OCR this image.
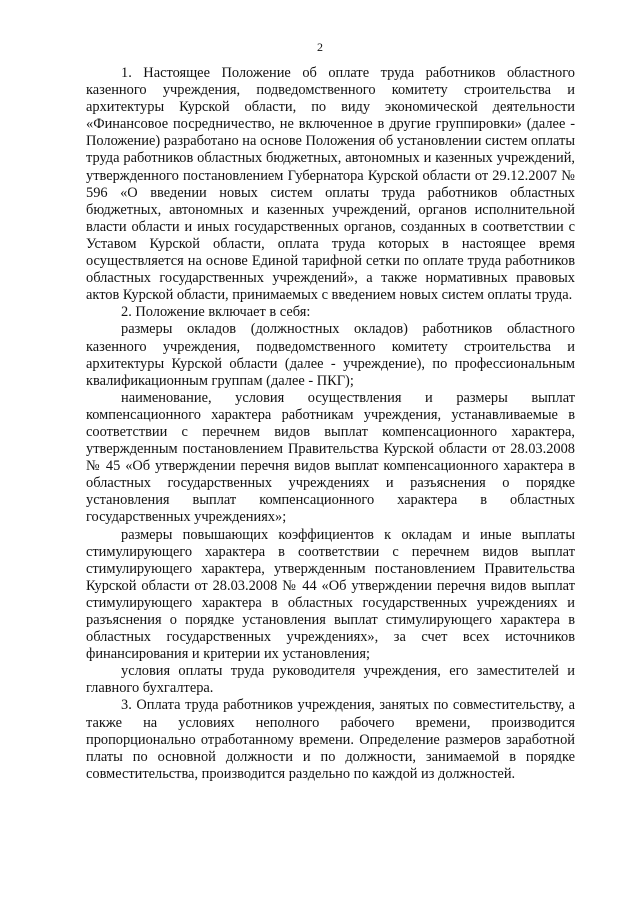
2

1. Настоящее Положение об оплате труда работников областного казенного учреждения, подведомственного комитету строительства и архитектуры Курской области, по виду экономической деятельности «Финансовое посредничество, не включенное в другие группировки» (далее - Положение) разработано на основе Положения об установлении систем оплаты труда работников областных бюджетных, автономных и казенных учреждений, утвержденного постановлением Губернатора Курской области от 29.12.2007 № 596 «О введении новых систем оплаты труда работников областных бюджетных, автономных и казенных учреждений, органов исполнительной власти области и иных государственных органов, созданных в соответствии с Уставом Курской области, оплата труда которых в настоящее время осуществляется на основе Единой тарифной сетки по оплате труда работников областных государственных учреждений», а также нормативных правовых актов Курской области, принимаемых с введением новых систем оплаты труда.

2. Положение включает в себя:

размеры окладов (должностных окладов) работников областного казенного учреждения, подведомственного комитету строительства и архитектуры Курской области (далее - учреждение), по профессиональным квалификационным группам (далее - ПКГ);

наименование, условия осуществления и размеры выплат компенсационного характера работникам учреждения, устанавливаемые в соответствии с перечнем видов выплат компенсационного характера, утвержденным постановлением Правительства Курской области от 28.03.2008 № 45 «Об утверждении перечня видов выплат компенсационного характера в областных государственных учреждениях и разъяснения о порядке установления выплат компенсационного характера в областных государственных учреждениях»;

размеры повышающих коэффициентов к окладам и иные выплаты стимулирующего характера в соответствии с перечнем видов выплат стимулирующего характера, утвержденным постановлением Правительства Курской области от 28.03.2008 № 44 «Об утверждении перечня видов выплат стимулирующего характера в областных государственных учреждениях и разъяснения о порядке установления выплат стимулирующего характера в областных государственных учреждениях», за счет всех источников финансирования и критерии их установления;

условия оплаты труда руководителя учреждения, его заместителей и главного бухгалтера.

3. Оплата труда работников учреждения, занятых по совместительству, а также на условиях неполного рабочего времени, производится пропорционально отработанному времени. Определение размеров заработной платы по основной должности и по должности, занимаемой в порядке совместительства, производится раздельно по каждой из должностей.
